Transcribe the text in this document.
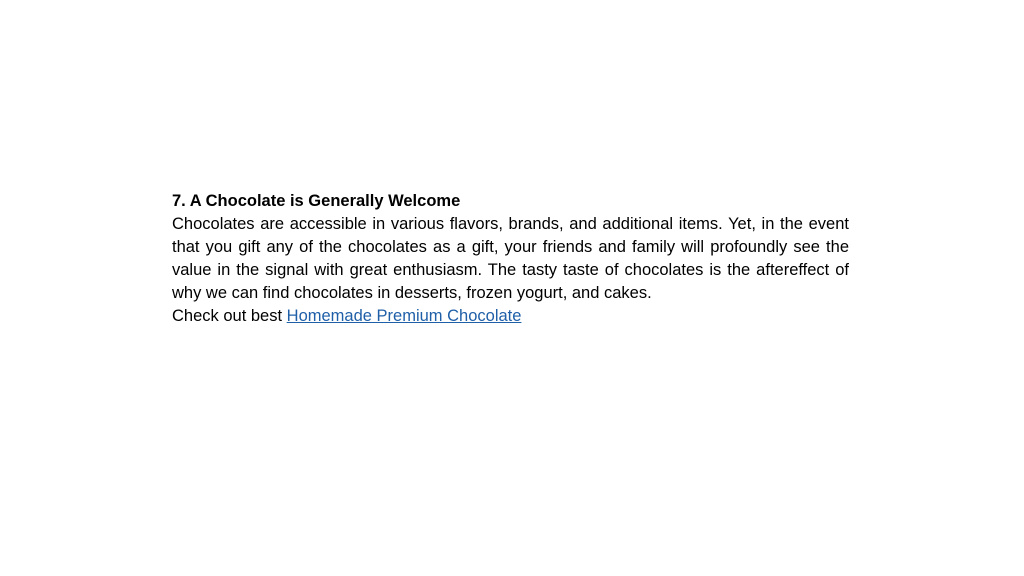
7. A Chocolate is Generally Welcome

Chocolates are accessible in various flavors, brands, and additional items. Yet, in the event that you gift any of the chocolates as a gift, your friends and family will profoundly see the value in the signal with great enthusiasm. The tasty taste of chocolates is the aftereffect of why we can find chocolates in desserts, frozen yogurt, and cakes.

Check out best Homemade Premium Chocolate
